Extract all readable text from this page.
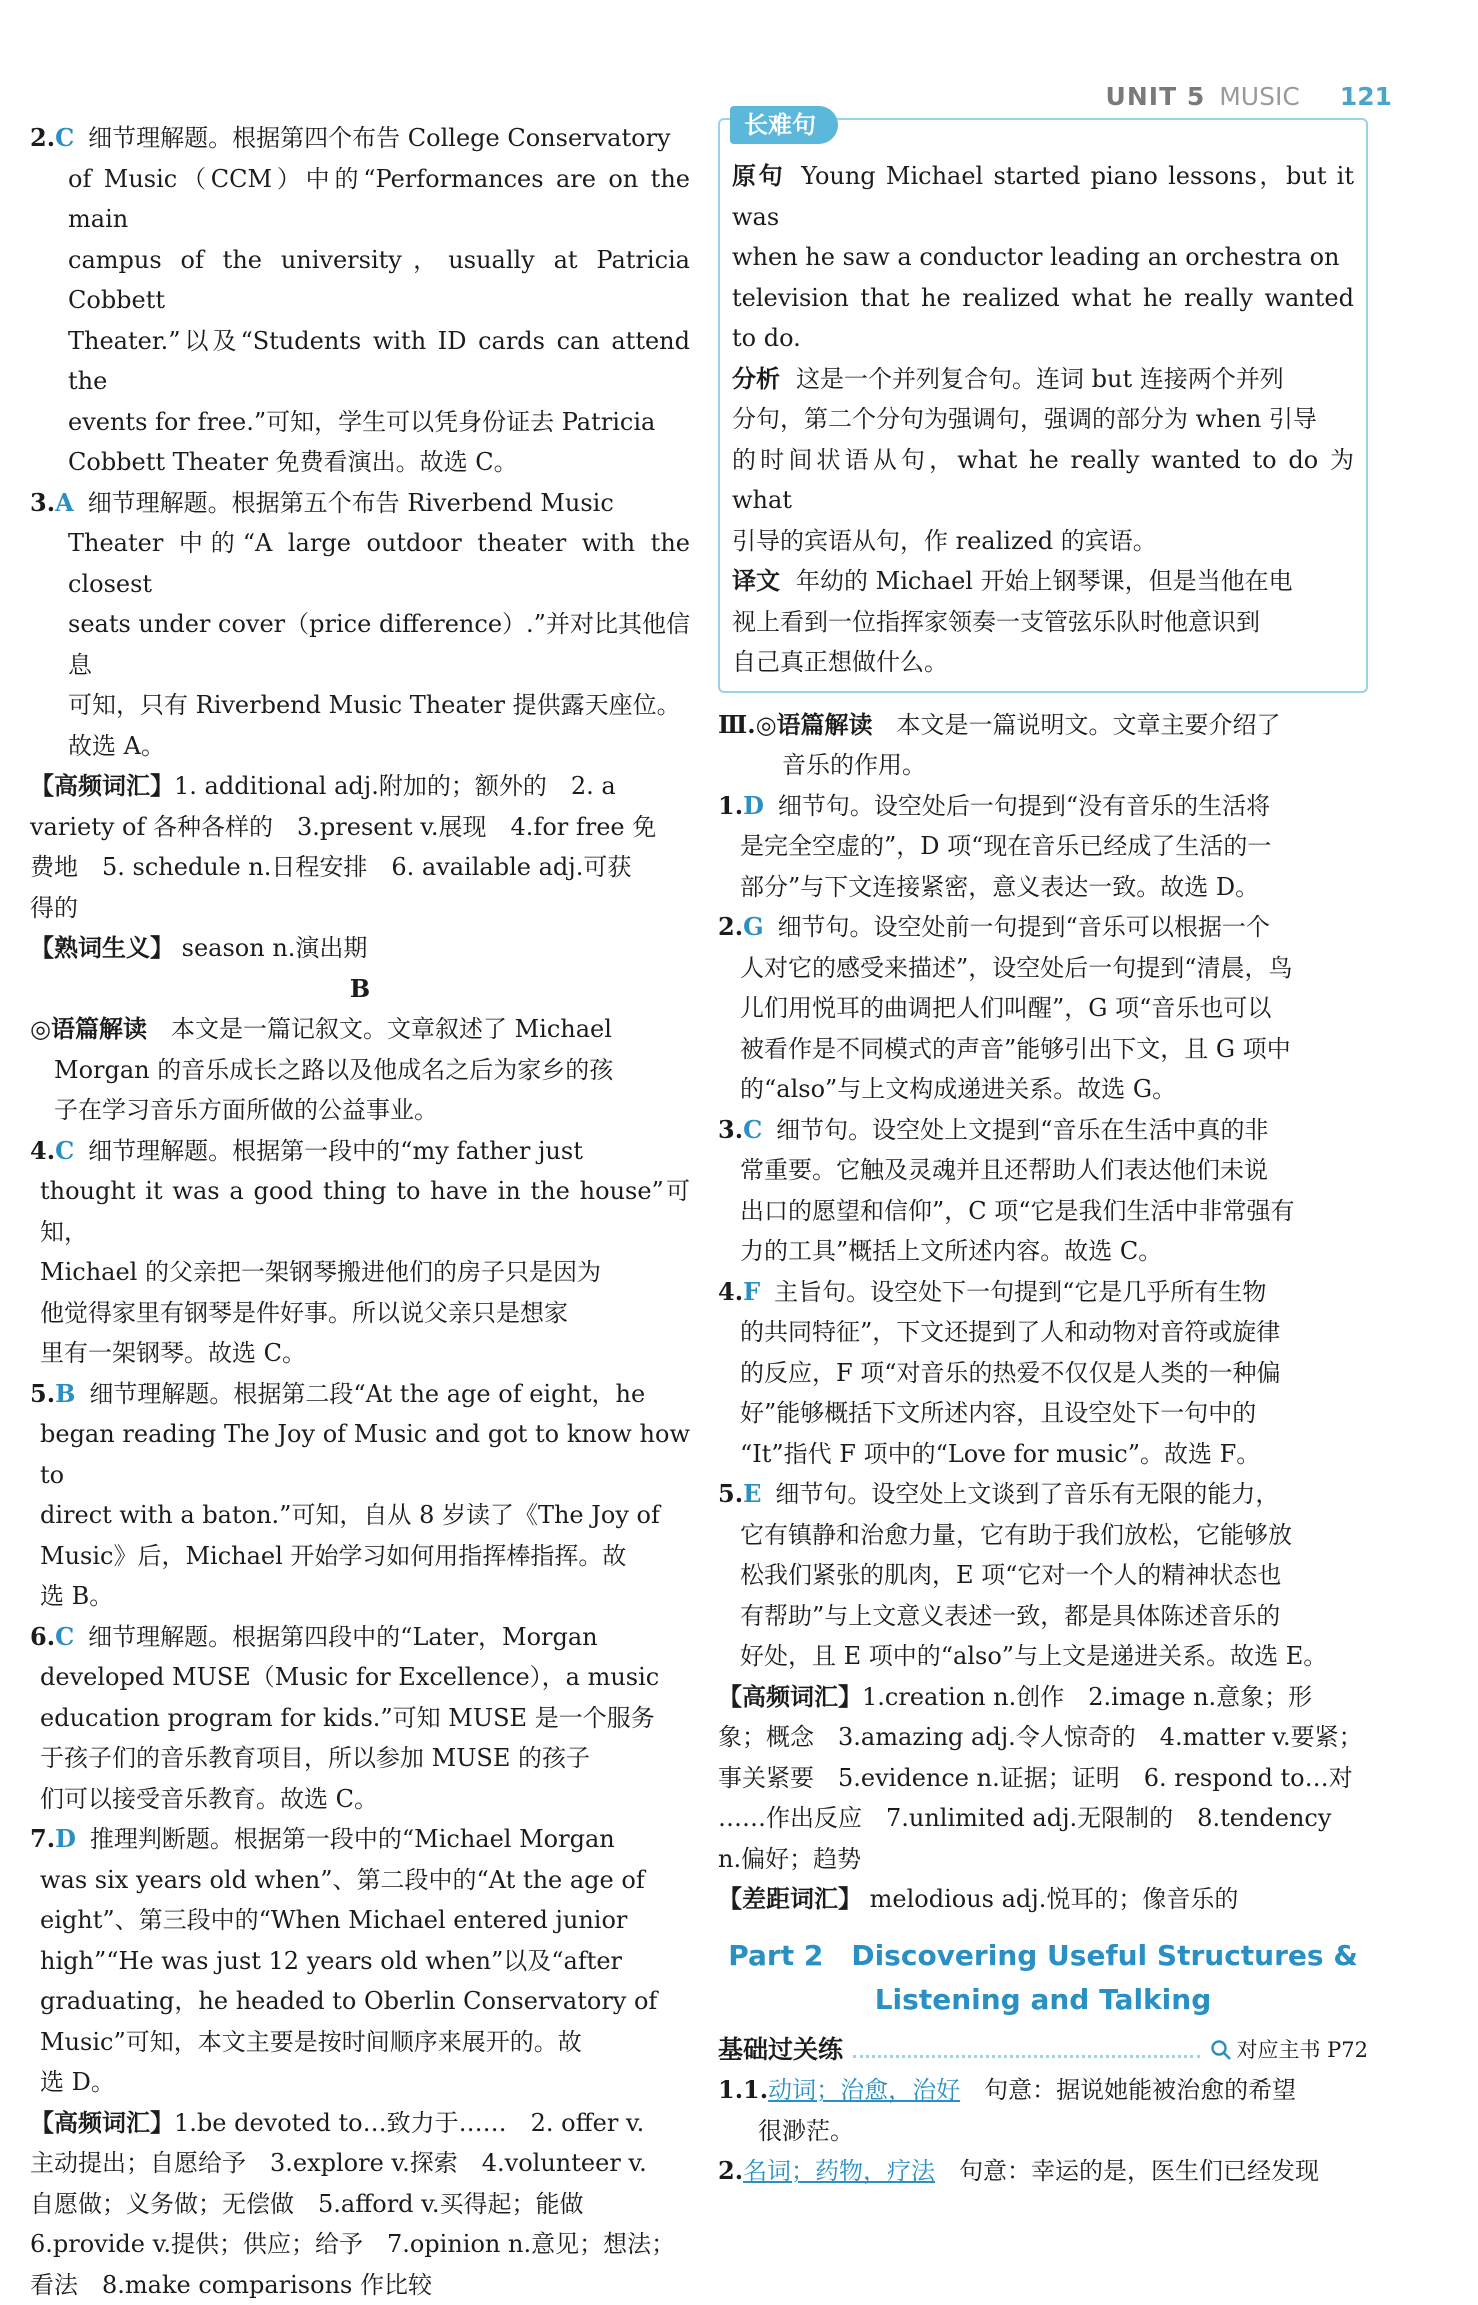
UNIT 5 MUSIC 121
2. C 细节理解题。根据第四个布告 College Conservatory
of Music（CCM）中的“Performances are on the main
campus of the university，usually at Patricia Cobbett
Theater.”以及“Students with ID cards can attend the
events for free.”可知，学生可以凭身份证去 Patricia
Cobbett Theater 免费看演出。故选 C。
3. A 细节理解题。根据第五个布告 Riverbend Music
Theater 中的“A large outdoor theater with the closest
seats under cover（price difference）.”并对比其他信息
可知，只有 Riverbend Music Theater 提供露天座位。
故选 A。
【高频词汇】1. additional adj.附加的；额外的　2. a
variety of 各种各样的　3.present v.展现　4.for free 免
费地　5. schedule n.日程安排　6. available adj.可获
得的
【熟词生义】 season n.演出期
B
◎语篇解读　 本文是一篇记叙文。文章叙述了 Michael
Morgan 的音乐成长之路以及他成名之后为家乡的孩
子在学习音乐方面所做的公益事业。
4. C 细节理解题。根据第一段中的“my father just
thought it was a good thing to have in the house”可知，
Michael 的父亲把一架钢琴搬进他们的房子只是因为
他觉得家里有钢琴是件好事。所以说父亲只是想家
里有一架钢琴。故选 C。
5. B 细节理解题。根据第二段“At the age of eight，he
began reading The Joy of Music and got to know how to
direct with a baton.”可知，自从 8 岁读了《The Joy of
Music》后，Michael 开始学习如何用指挥棒指挥。故
选 B。
6. C 细节理解题。根据第四段中的“Later，Morgan
developed MUSE（Music for Excellence），a music
education program for kids.”可知 MUSE 是一个服务
于孩子们的音乐教育项目，所以参加 MUSE 的孩子
们可以接受音乐教育。故选 C。
7. D 推理判断题。根据第一段中的“Michael Morgan
was six years old when”、第二段中的“At the age of
eight”、第三段中的“When Michael entered junior
high”“He was just 12 years old when”以及“after
graduating，he headed to Oberlin Conservatory of
Music”可知，本文主要是按时间顺序来展开的。故
选 D。
【高频词汇】1.be devoted to…致力于……　2. offer v.
主动提出；自愿给予　3.explore v.探索　4.volunteer v.
自愿做；义务做；无偿做　5.afford v.买得起；能做
6.provide v.提供；供应；给予　7.opinion n.意见；想法；
看法　8.make comparisons 作比较
长难句
原句 Young Michael started piano lessons，but it was
when he saw a conductor leading an orchestra on
television that he realized what he really wanted to do.
分析 这是一个并列复合句。连词 but 连接两个并列
分句，第二个分句为强调句，强调的部分为 when 引导
的时间状语从句，what he really wanted to do 为 what
引导的宾语从句，作 realized 的宾语。
译文 年幼的 Michael 开始上钢琴课，但是当他在电
视上看到一位指挥家领奏一支管弦乐队时他意识到
自己真正想做什么。
Ⅲ.◎语篇解读　 本文是一篇说明文。文章主要介绍了
音乐的作用。
1. D 细节句。设空处后一句提到“没有音乐的生活将
是完全空虚的”，D 项“现在音乐已经成了生活的一
部分”与下文连接紧密，意义表达一致。故选 D。
2. G 细节句。设空处前一句提到“音乐可以根据一个
人对它的感受来描述”，设空处后一句提到“清晨，鸟
儿们用悦耳的曲调把人们叫醒”，G 项“音乐也可以
被看作是不同模式的声音”能够引出下文，且 G 项中
的“also”与上文构成递进关系。故选 G。
3. C 细节句。设空处上文提到“音乐在生活中真的非
常重要。它触及灵魂并且还帮助人们表达他们未说
出口的愿望和信仰”，C 项“它是我们生活中非常强有
力的工具”概括上文所述内容。故选 C。
4. F 主旨句。设空处下一句提到“它是几乎所有生物
的共同特征”，下文还提到了人和动物对音符或旋律
的反应，F 项“对音乐的热爱不仅仅是人类的一种偏
好”能够概括下文所述内容，且设空处下一句中的
“It”指代 F 项中的“Love for music”。故选 F。
5. E 细节句。设空处上文谈到了音乐有无限的能力，
它有镇静和治愈力量，它有助于我们放松，它能够放
松我们紧张的肌肉，E 项“它对一个人的精神状态也
有帮助”与上文意义表述一致，都是具体陈述音乐的
好处，且 E 项中的“also”与上文是递进关系。故选 E。
【高频词汇】1.creation n.创作　2.image n.意象；形
象；概念　3.amazing adj.令人惊奇的　4.matter v.要紧；
事关紧要　5.evidence n.证据；证明　6. respond to…对
……作出反应　7.unlimited adj.无限制的　8.tendency
n.偏好；趋势
【差距词汇】 melodious adj.悦耳的；像音乐的
Part 2　Discovering Useful Structures &
Listening and Talking
基础过关练	对应主书 P72
1.1.动词；治愈，治好　 句意：据说她能被治愈的希望
很渺茫。
2.名词；药物，疗法　 句意：幸运的是，医生们已经发现
